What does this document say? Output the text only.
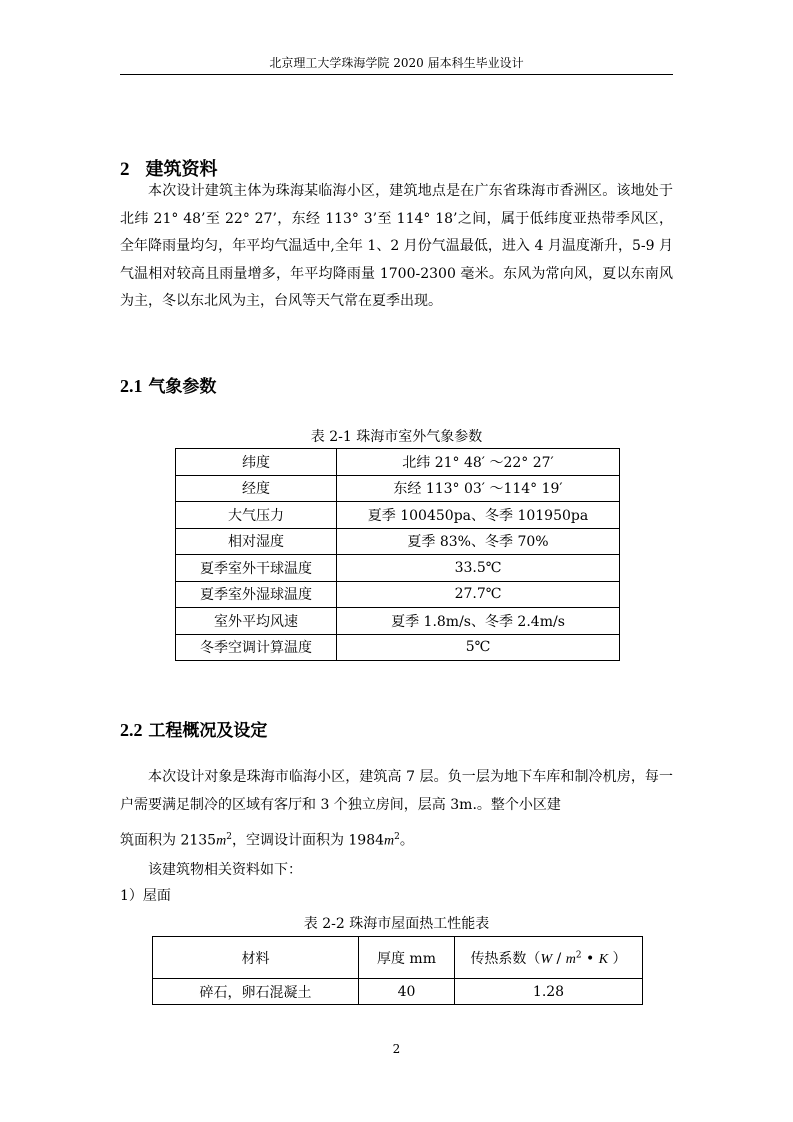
北京理工大学珠海学院 2020 届本科生毕业设计
2 建筑资料
本次设计建筑主体为珠海某临海小区，建筑地点是在广东省珠海市香洲区。该地处于北纬 21° 48’至 22° 27’，东经 113° 3’至 114° 18’之间，属于低纬度亚热带季风区，全年降雨量均匀，年平均气温适中,全年 1、2 月份气温最低，进入 4 月温度渐升，5-9 月气温相对较高且雨量增多，年平均降雨量 1700-2300 毫米。东风为常向风，夏以东南风为主，冬以东北风为主，台风等天气常在夏季出现。
2.1 气象参数
表 2-1 珠海市室外气象参数
纬度	北纬 21° 48′ ～22° 27′
经度	东经 113° 03′ ～114° 19′
大气压力	夏季 100450pa、冬季 101950pa
相对湿度	夏季 83%、冬季 70%
夏季室外干球温度	33.5℃
夏季室外湿球温度	27.7℃
室外平均风速	夏季 1.8m/s、冬季 2.4m/s
冬季空调计算温度	5℃
2.2 工程概况及设定
本次设计对象是珠海市临海小区，建筑高 7 层。负一层为地下车库和制冷机房，每一户需要满足制冷的区域有客厅和 3 个独立房间，层高 3m.。整个小区建
筑面积为 $2135m^2$，空调设计面积为 $1984m^2$。
该建筑物相关资料如下：
1）屋面
表 2-2 珠海市屋面热工性能表
材料	厚度 mm	传热系数（$W / m^2$ • K ）
碎石，卵石混凝土	40	1.28
2
